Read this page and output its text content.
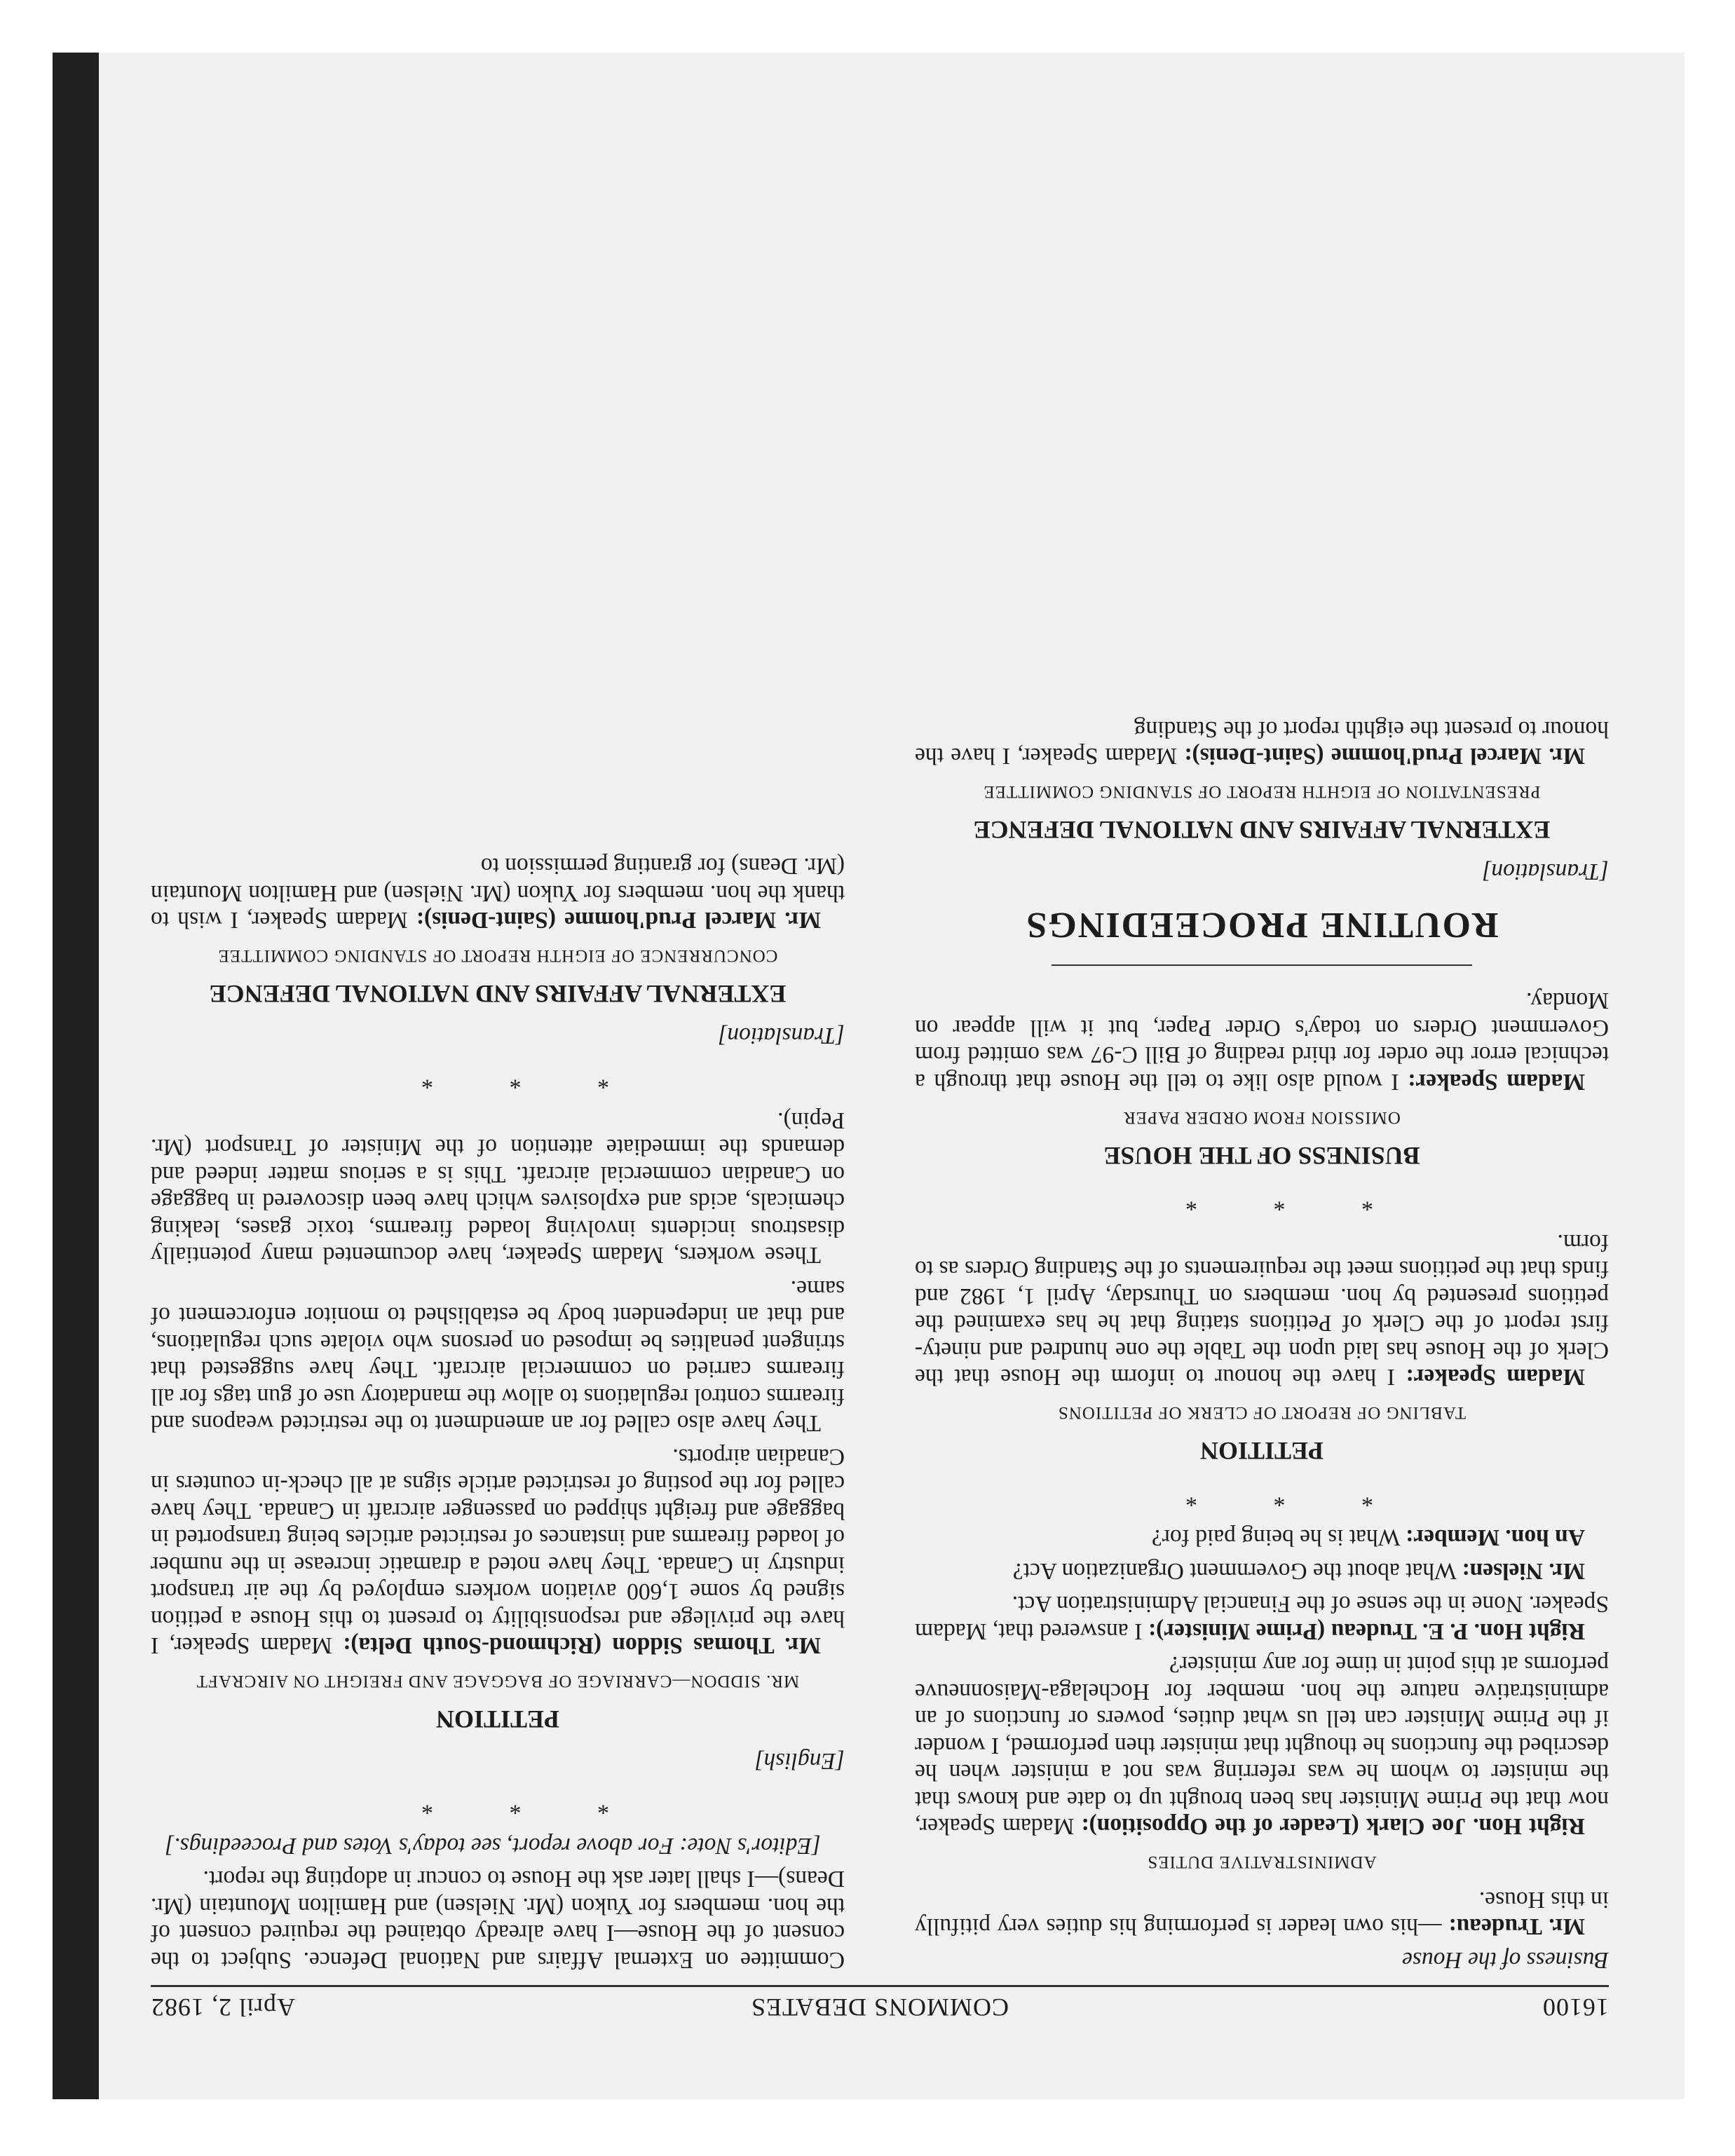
16100
COMMONS DEBATES
April 2, 1982

Business of the House

Mr. Trudeau: —his own leader is performing his duties very pitifully in this House.

ADMINISTRATIVE DUTIES

Right Hon. Joe Clark (Leader of the Opposition): Madam Speaker, now that the Prime Minister has been brought up to date and knows that the minister to whom he was referring was not a minister when he described the functions he thought that minister then performed, I wonder if the Prime Minister can tell us what duties, powers or functions of an administrative nature the hon. member for Hochelaga-Maisonneuve performs at this point in time for any minister?

Right Hon. P. E. Trudeau (Prime Minister): I answered that, Madam Speaker. None in the sense of the Financial Administration Act.

Mr. Nielsen: What about the Government Organization Act?

An hon. Member: What is he being paid for?

* * *
PETITION
TABLING OF REPORT OF CLERK OF PETITIONS

Madam Speaker: I have the honour to inform the House that the Clerk of the House has laid upon the Table the one hundred and ninety-first report of the Clerk of Petitions stating that he has examined the petitions presented by hon. members on Thursday, April 1, 1982 and finds that the petitions meet the requirements of the Standing Orders as to form.

* * *
BUSINESS OF THE HOUSE
OMISSION FROM ORDER PAPER

Madam Speaker: I would also like to tell the House that through a technical error the order for third reading of Bill C-97 was omitted from Government Orders on today's Order Paper, but it will appear on Monday.

ROUTINE PROCEEDINGS

[Translation]

EXTERNAL AFFAIRS AND NATIONAL DEFENCE
PRESENTATION OF EIGHTH REPORT OF STANDING COMMITTEE

Mr. Marcel Prud'homme (Saint-Denis): Madam Speaker, I have the honour to present the eighth report of the Standing

Committee on External Affairs and National Defence. Subject to the consent of the House—I have already obtained the required consent of the hon. members for Yukon (Mr. Nielsen) and Hamilton Mountain (Mr. Deans)—I shall later ask the House to concur in adopting the report.

[Editor's Note: For above report, see today's Votes and Proceedings.]

* * *

[English]

PETITION
MR. SIDDON—CARRIAGE OF BAGGAGE AND FREIGHT ON AIRCRAFT

Mr. Thomas Siddon (Richmond-South Delta): Madam Speaker, I have the privilege and responsibility to present to this House a petition signed by some 1,600 aviation workers employed by the air transport industry in Canada. They have noted a dramatic increase in the number of loaded firearms and instances of restricted articles being transported in baggage and freight shipped on passenger aircraft in Canada. They have called for the posting of restricted article signs at all check-in counters in Canadian airports.

They have also called for an amendment to the restricted weapons and firearms control regulations to allow the mandatory use of gun tags for all firearms carried on commercial aircraft. They have suggested that stringent penalties be imposed on persons who violate such regulations, and that an independent body be established to monitor enforcement of same.

These workers, Madam Speaker, have documented many potentially disastrous incidents involving loaded firearms, toxic gases, leaking chemicals, acids and explosives which have been discovered in baggage on Canadian commercial aircraft. This is a serious matter indeed and demands the immediate attention of the Minister of Transport (Mr. Pepin).

* * *

[Translation]

EXTERNAL AFFAIRS AND NATIONAL DEFENCE
CONCURRENCE OF EIGHTH REPORT OF STANDING COMMITTEE

Mr. Marcel Prud'homme (Saint-Denis): Madam Speaker, I wish to thank the hon. members for Yukon (Mr. Nielsen) and Hamilton Mountain (Mr. Deans) for granting permission to
